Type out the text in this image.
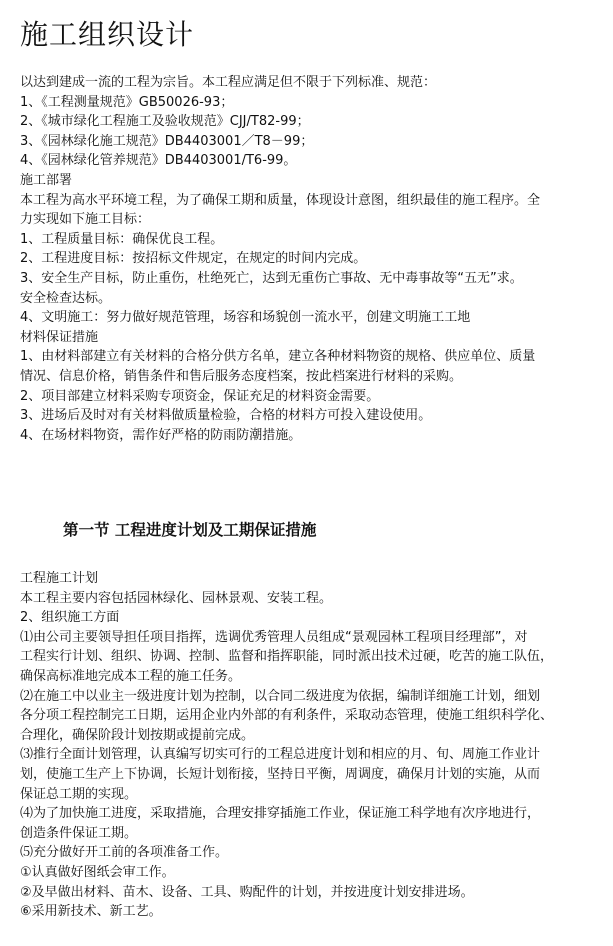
施工组织设计

以达到建成一流的工程为宗旨。本工程应满足但不限于下列标准、规范：

1、《工程测量规范》GB50026-93；

2、《城市绿化工程施工及验收规范》CJJ/T82-99；

3、《园林绿化施工规范》DB4403001／T8－99；

4、《园林绿化管养规范》DB4403001/T6-99。

施工部署

本工程为高水平环境工程，为了确保工期和质量，体现设计意图，组织最佳的施工程序。全

力实现如下施工目标：

1、工程质量目标：确保优良工程。

2、工程进度目标：按招标文件规定，在规定的时间内完成。

3、安全生产目标，防止重伤，杜绝死亡，达到无重伤亡事故、无中毒事故等“五无”求。

安全检查达标。

4、文明施工：努力做好规范管理，场容和场貌创一流水平，创建文明施工工地

材料保证措施

1、由材料部建立有关材料的合格分供方名单，建立各种材料物资的规格、供应单位、质量

情况、信息价格，销售条件和售后服务态度档案，按此档案进行材料的采购。

2、项目部建立材料采购专项资金，保证充足的材料资金需要。

3、进场后及时对有关材料做质量检验，合格的材料方可投入建设使用。

4、在场材料物资，需作好严格的防雨防潮措施。

第一节 工程进度计划及工期保证措施

工程施工计划

本工程主要内容包括园林绿化、园林景观、安装工程。

2、组织施工方面

⑴由公司主要领导担任项目指挥，选调优秀管理人员组成“景观园林工程项目经理部”，对

工程实行计划、组织、协调、控制、监督和指挥职能，同时派出技术过硬，吃苦的施工队伍，

确保高标准地完成本工程的施工任务。

⑵在施工中以业主一级进度计划为控制，以合同二级进度为依据，编制详细施工计划，细划

各分项工程控制完工日期，运用企业内外部的有利条件，采取动态管理，使施工组织科学化、

合理化，确保阶段计划按期或提前完成。

⑶推行全面计划管理，认真编写切实可行的工程总进度计划和相应的月、旬、周施工作业计

划，使施工生产上下协调，长短计划衔接，坚持日平衡，周调度，确保月计划的实施，从而

保证总工期的实现。

⑷为了加快施工进度，采取措施，合理安排穿插施工作业，保证施工科学地有次序地进行，

创造条件保证工期。

⑸充分做好开工前的各项准备工作。

①认真做好图纸会审工作。

②及早做出材料、苗木、设备、工具、购配件的计划，并按进度计划安排进场。

⑥采用新技术、新工艺。
